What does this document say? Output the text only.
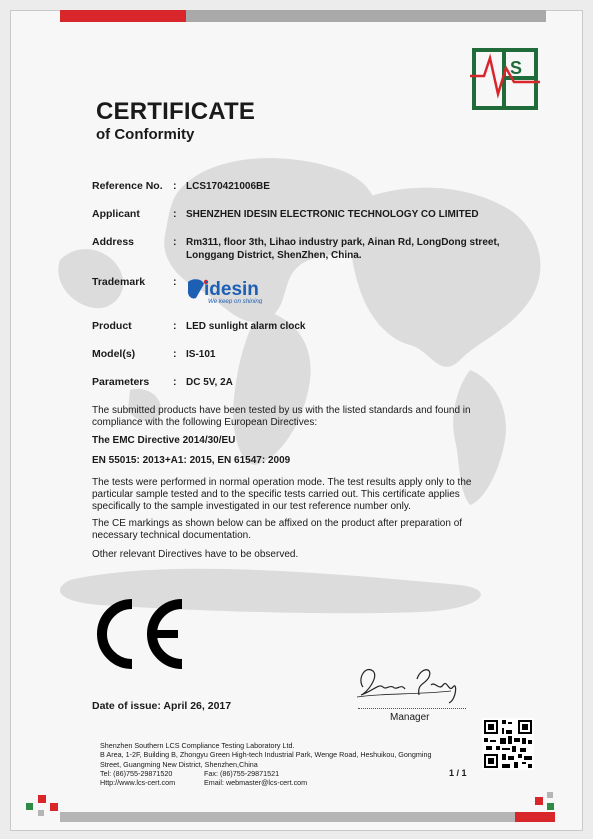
CERTIFICATE
of Conformity
S
Reference No. : LCS170421006BE
Applicant	: SHENZHEN IDESIN ELECTRONIC TECHNOLOGY CO LIMITED
Address	: Rm311, floor 3th, Lihao industry park, Ainan Rd, LongDong street,
Longgang District, ShenZhen, China.
Trademark	: idesin
We keep on shining
Product	: LED sunlight alarm clock
Model(s)	: IS-101
Parameters : DC 5V, 2A
The submitted products have been tested by us with the listed standards and found in
compliance with the following European Directives:
The EMC Directive 2014/30/EU
EN 55015: 2013+A1: 2015, EN 61547: 2009
The tests were performed in normal operation mode. The test results apply only to the
particular sample tested and to the specific tests carried out. This certificate applies
specifically to the sample investigated in our test reference number only.
The CE markings as shown below can be affixed on the product after preparation of
necessary technical documentation.
Other relevant Directives have to be observed.
Manager
Date of issue: April 26, 2017
Shenzhen Southern LCS Compliance Testing Laboratory Ltd.
B Area, 1-2F, Building B, Zhongyu Green High-tech Industrial Park, Wenge Road, Heshuikou, Gongming
Street, Guangming New District, Shenzhen,China
Tel: (86)755-29871520	Fax: (86)755-29871521
Http://www.lcs-cert.com	Email: webmaster@lcs-cert.com
1 / 1
